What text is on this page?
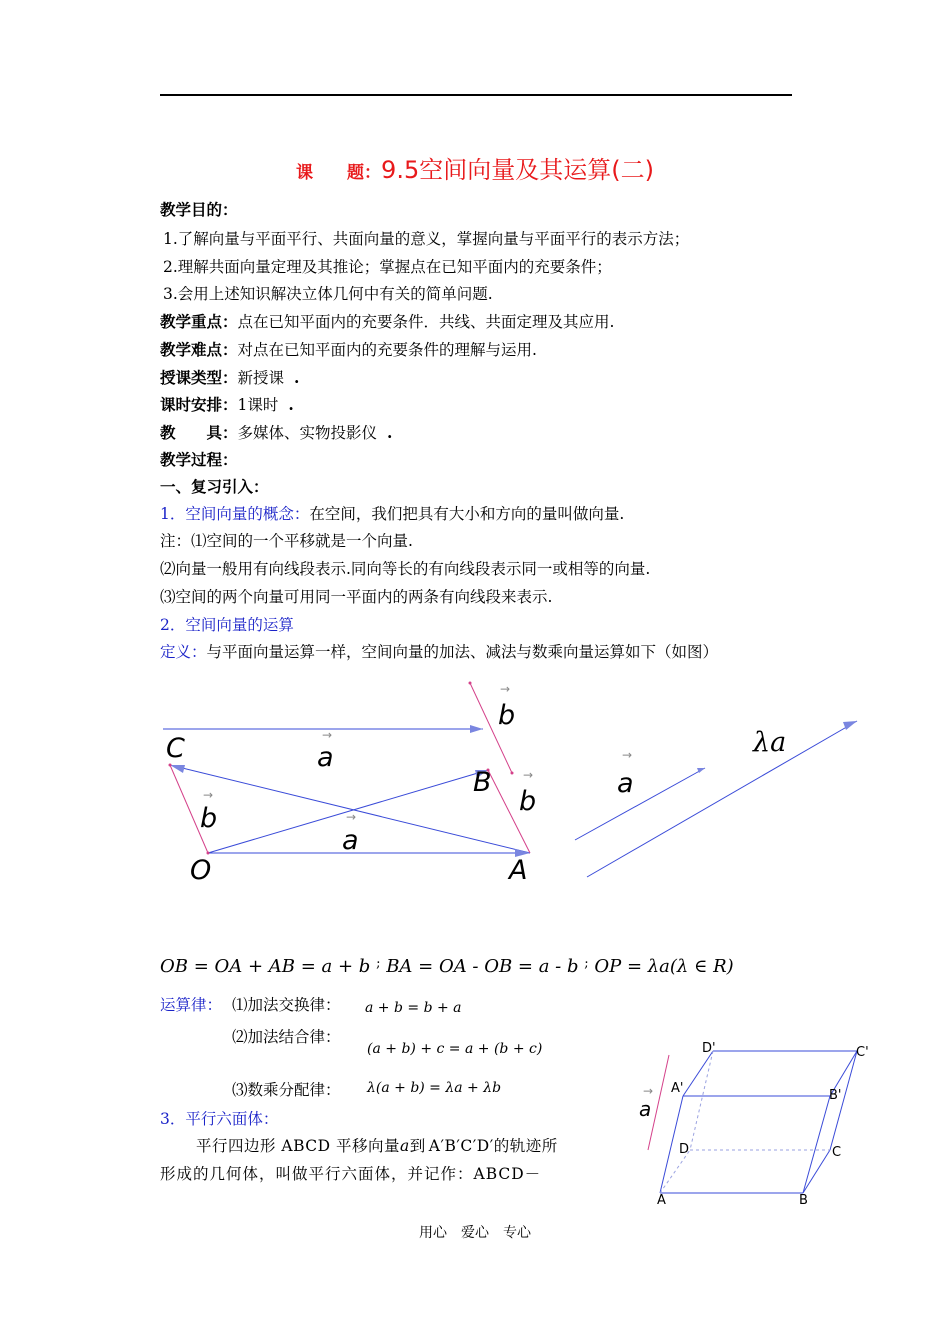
课　　题：9.5空间向量及其运算(二)
教学目的：
1.了解向量与平面平行、共面向量的意义，掌握向量与平面平行的表示方法；
2.理解共面向量定理及其推论；掌握点在已知平面内的充要条件；
3.会用上述知识解决立体几何中有关的简单问题.
教学重点：点在已知平面内的充要条件．共线、共面定理及其应用.
教学难点：对点在已知平面内的充要条件的理解与运用.
授课类型：新授课 .
课时安排：1课时 .
教　　具：多媒体、实物投影仪 .
教学过程：
一、复习引入：
1．空间向量的概念：在空间，我们把具有大小和方向的量叫做向量.
注：⑴空间的一个平移就是一个向量.
⑵向量一般用有向线段表示.同向等长的有向线段表示同一或相等的向量.
⑶空间的两个向量可用同一平面内的两条有向线段来表示.
2．空间向量的运算
定义：与平面向量运算一样，空间向量的加法、减法与数乘向量运算如下（如图）
→
b
C	→
a
B	→
b
→
b	→
a
O	A
→
a
λa
OB = OA + AB = a + b ; BA = OA - OB = a - b ; OP = λa(λ ∈ R)
运算律： ⑴加法交换律： a + b = b + a
⑵加法结合律：
(a + b) + c = a + (b + c)
⑶数乘分配律： λ(a + b) = λa + λb
3．平行六面体：
平行四边形 ABCD 平移向量a到 A′B′C′D′的轨迹所
形成的几何体，叫做平行六面体，并记作：ABCD－
D'	C'
A'	B'
→
a
D	C
A	B
用心　爱心　专心
